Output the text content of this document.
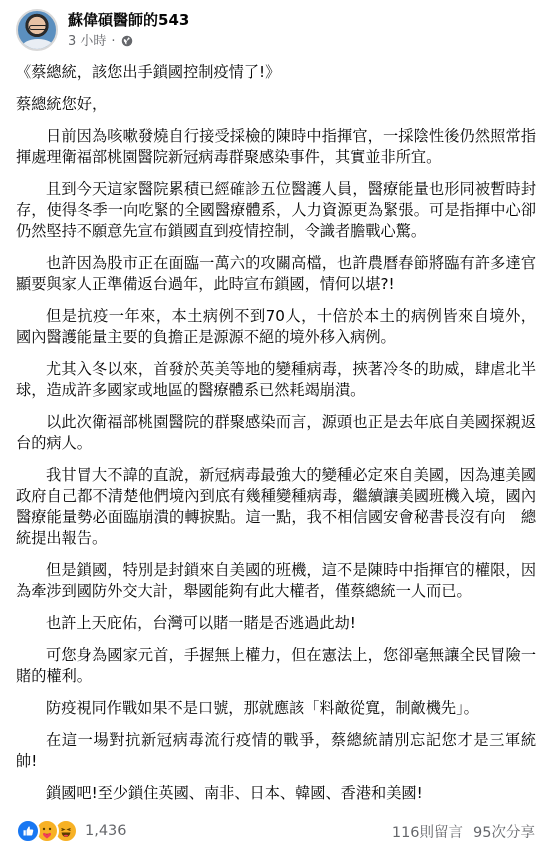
蘇偉碩醫師的543
3 小時 ·

《蔡總統，該您出手鎖國控制疫情了!》

蔡總統您好，

日前因為咳嗽發燒自行接受採檢的陳時中指揮官，一採陰性後仍然照常指揮處理衛福部桃園醫院新冠病毒群聚感染事件，其實並非所宜。

且到今天這家醫院累積已經確診五位醫護人員，醫療能量也形同被暫時封存，使得冬季一向吃緊的全國醫療體系，人力資源更為緊張。可是指揮中心卻仍然堅持不願意先宣布鎖國直到疫情控制，令識者膽戰心驚。

也許因為股市正在面臨一萬六的攻關高檔，也許農曆春節將臨有許多達官顯要與家人正準備返台過年，此時宣布鎖國，情何以堪?!

但是抗疫一年來，本土病例不到70人，十倍於本土的病例皆來自境外，國內醫護能量主要的負擔正是源源不絕的境外移入病例。

尤其入冬以來，首發於英美等地的變種病毒，挾著冷冬的助威，肆虐北半球，造成許多國家或地區的醫療體系已然耗竭崩潰。

以此次衛福部桃園醫院的群聚感染而言，源頭也正是去年底自美國探親返台的病人。

我甘冒大不諱的直說，新冠病毒最強大的變種必定來自美國，因為連美國政府自己都不清楚他們境內到底有幾種變種病毒，繼續讓美國班機入境，國內醫療能量勢必面臨崩潰的轉捩點。這一點，我不相信國安會秘書長沒有向　總統提出報告。

但是鎖國，特別是封鎖來自美國的班機，這不是陳時中指揮官的權限，因為牽涉到國防外交大計，舉國能夠有此大權者，僅蔡總統一人而已。

也許上天庇佑，台灣可以賭一賭是否逃過此劫!

可您身為國家元首，手握無上權力，但在憲法上，您卻毫無讓全民冒險一賭的權利。

防疫視同作戰如果不是口號，那就應該「料敵從寬，制敵機先」。

在這一場對抗新冠病毒流行疫情的戰爭，蔡總統請別忘記您才是三軍統帥!

鎖國吧!至少鎖住英國、南非、日本、韓國、香港和美國!

1,436	116則留言 95次分享
